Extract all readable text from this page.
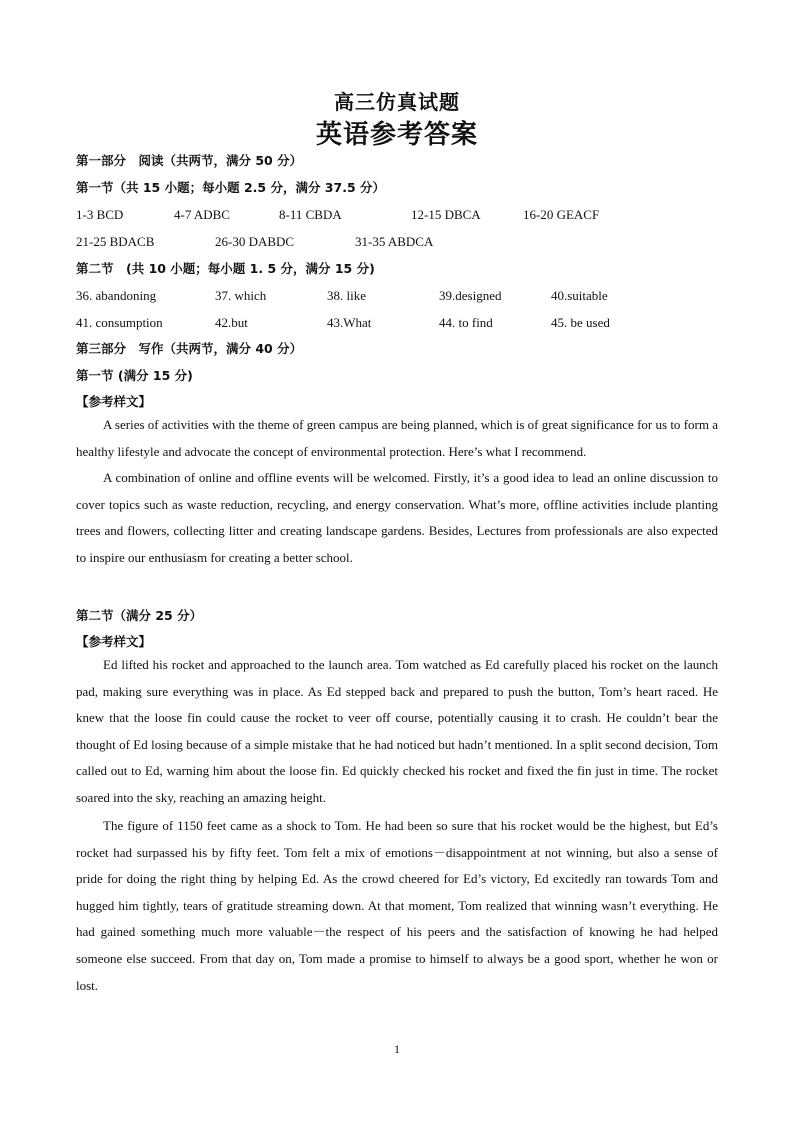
高三仿真试题
英语参考答案
第一部分　阅读（共两节，满分 50 分）
第一节（共 15 小题；每小题 2.5 分，满分 37.5 分）
1-3 BCD	4-7 ADBC	8-11 CBDA	12-15 DBCA	16-20 GEACF
21-25 BDACB	26-30 DABDC	31-35 ABDCA
第二节　(共 10 小题；每小题 1. 5 分，满分 15 分)
36. abandoning	37. which	38. like	39.designed	40.suitable
41. consumption	42.but	43.What	44. to find	45. be used
第三部分　写作（共两节，满分 40 分）
第一节 (满分 15 分)
【参考样文】

A series of activities with the theme of green campus are being planned, which is of great significance for us to form a healthy lifestyle and advocate the concept of environmental protection. Here’s what I recommend.

A combination of online and offline events will be welcomed. Firstly, it’s a good idea to lead an online discussion to cover topics such as waste reduction, recycling, and energy conservation. What’s more, offline activities include planting trees and flowers, collecting litter and creating landscape gardens. Besides, Lectures from professionals are also expected to inspire our enthusiasm for creating a better school.

第二节（满分 25 分）
【参考样文】

Ed lifted his rocket and approached to the launch area. Tom watched as Ed carefully placed his rocket on the launch pad, making sure everything was in place. As Ed stepped back and prepared to push the button, Tom’s heart raced. He knew that the loose fin could cause the rocket to veer off course, potentially causing it to crash. He couldn’t bear the thought of Ed losing because of a simple mistake that he had noticed but hadn’t mentioned. In a split second decision, Tom called out to Ed, warning him about the loose fin. Ed quickly checked his rocket and fixed the fin just in time. The rocket soared into the sky, reaching an amazing height.

The figure of 1150 feet came as a shock to Tom. He had been so sure that his rocket would be the highest, but Ed’s rocket had surpassed his by fifty feet. Tom felt a mix of emotions－disappointment at not winning, but also a sense of pride for doing the right thing by helping Ed. As the crowd cheered for Ed’s victory, Ed excitedly ran towards Tom and hugged him tightly, tears of gratitude streaming down. At that moment, Tom realized that winning wasn’t everything. He had gained something much more valuable－the respect of his peers and the satisfaction of knowing he had helped someone else succeed. From that day on, Tom made a promise to himself to always be a good sport, whether he won or lost.

1
